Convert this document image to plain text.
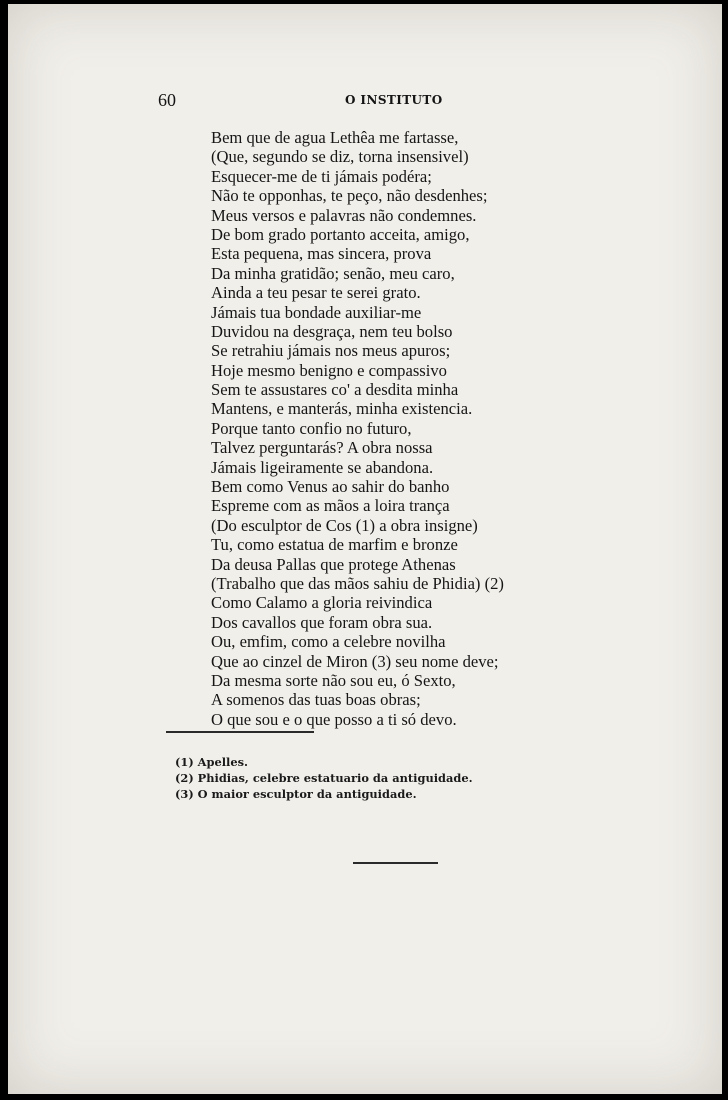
60	O INSTITUTO
Bem que de agua Lethêa me fartasse,
(Que, segundo se diz, torna insensivel)
Esquecer-me de ti jámais podéra;
Não te opponhas, te peço, não desdenhes;
Meus versos e palavras não condemnes.
De bom grado portanto acceita, amigo,
Esta pequena, mas sincera, prova
Da minha gratidão; senão, meu caro,
Ainda a teu pesar te serei grato.
Jámais tua bondade auxiliar-me
Duvidou na desgraça, nem teu bolso
Se retrahiu jámais nos meus apuros;
Hoje mesmo benigno e compassivo
Sem te assustares co' a desdita minha
Mantens, e manterás, minha existencia.
Porque tanto confio no futuro,
Talvez perguntarás? A obra nossa
Jámais ligeiramente se abandona.
Bem como Venus ao sahir do banho
Espreme com as mãos a loira trança
(Do esculptor de Cos (1) a obra insigne)
Tu, como estatua de marfim e bronze
Da deusa Pallas que protege Athenas
(Trabalho que das mãos sahiu de Phidia) (2)
Como Calamo a gloria reivindica
Dos cavallos que foram obra sua.
Ou, emfim, como a celebre novilha
Que ao cinzel de Miron (3) seu nome deve;
Da mesma sorte não sou eu, ó Sexto,
A somenos das tuas boas obras;
O que sou e o que posso a ti só devo.
(1) Apelles.
(2) Phidias, celebre estatuario da antiguidade.
(3) O maior esculptor da antiguidade.
